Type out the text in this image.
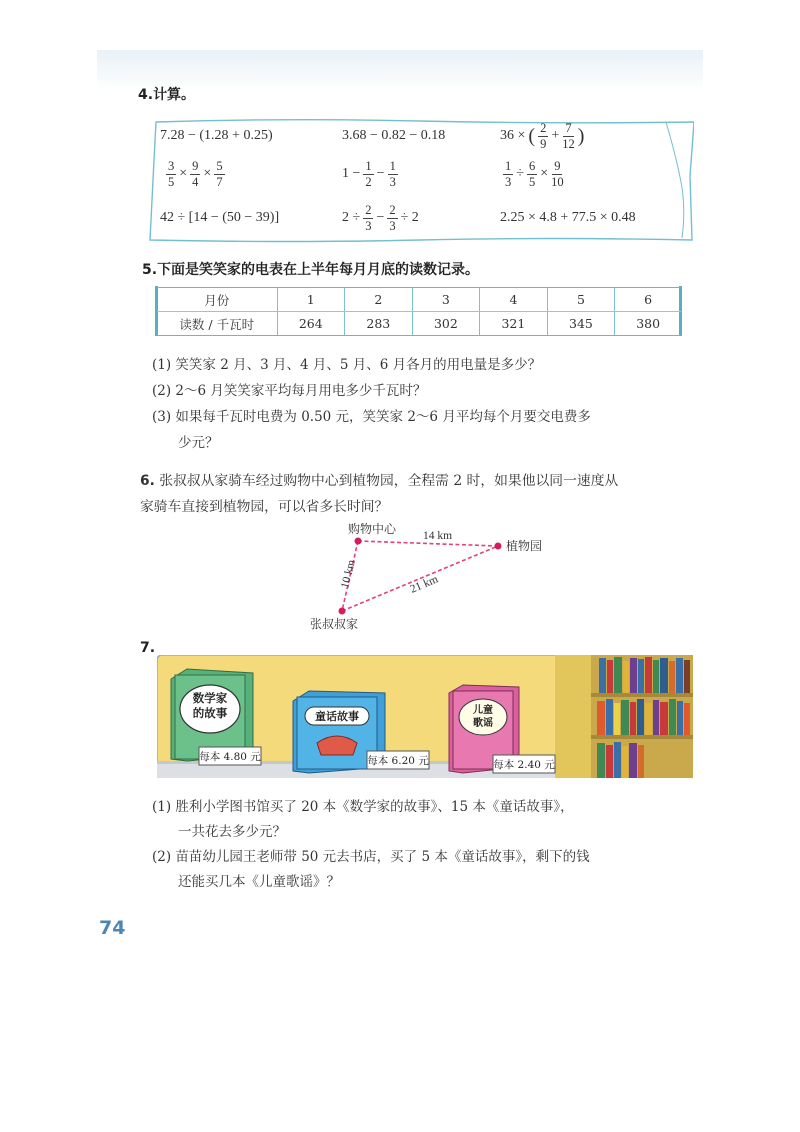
4.计算。
7.28 − (1.28 + 0.25)	3.68 − 0.82 − 0.18	36 × ( $\frac{2}{9} + \frac{7}{12}$ )
$\frac{3}{5} \times \frac{9}{4} \times \frac{5}{7}$	$1 - \frac{1}{2} - \frac{1}{3}$	$\frac{1}{3} \div \frac{6}{5} \times \frac{9}{10}$
42 ÷ [14 − (50 − 39)]	$2 \div \frac{2}{3} - \frac{2}{3} \div 2$	2.25 × 4.8 + 77.5 × 0.48
5.下面是笑笑家的电表在上半年每月月底的读数记录。
月份	1	2	3	4	5	6
读数 / 千瓦时	264	283	302	321	345	380
(1) 笑笑家 2 月、3 月、4 月、5 月、6 月各月的用电量是多少？
(2) 2～6 月笑笑家平均每月用电多少千瓦时？
(3) 如果每千瓦时电费为 0.50 元，笑笑家 2～6 月平均每个月要交电费多
少元？
6. 张叔叔从家骑车经过购物中心到植物园，全程需 2 时，如果他以同一速度从
家骑车直接到植物园，可以省多长时间？
购物中心
植物园
张叔叔家
14 km
10 km	21 km
7.
数学家
的故事	童话故事	儿童
歌谣
每本 4.80 元	每本 6.20 元	每本 2.40 元
(1) 胜利小学图书馆买了 20 本《数学家的故事》、15 本《童话故事》，
一共花去多少元？
(2) 苗苗幼儿园王老师带 50 元去书店，买了 5 本《童话故事》，剩下的钱
还能买几本《儿童歌谣》？
74
